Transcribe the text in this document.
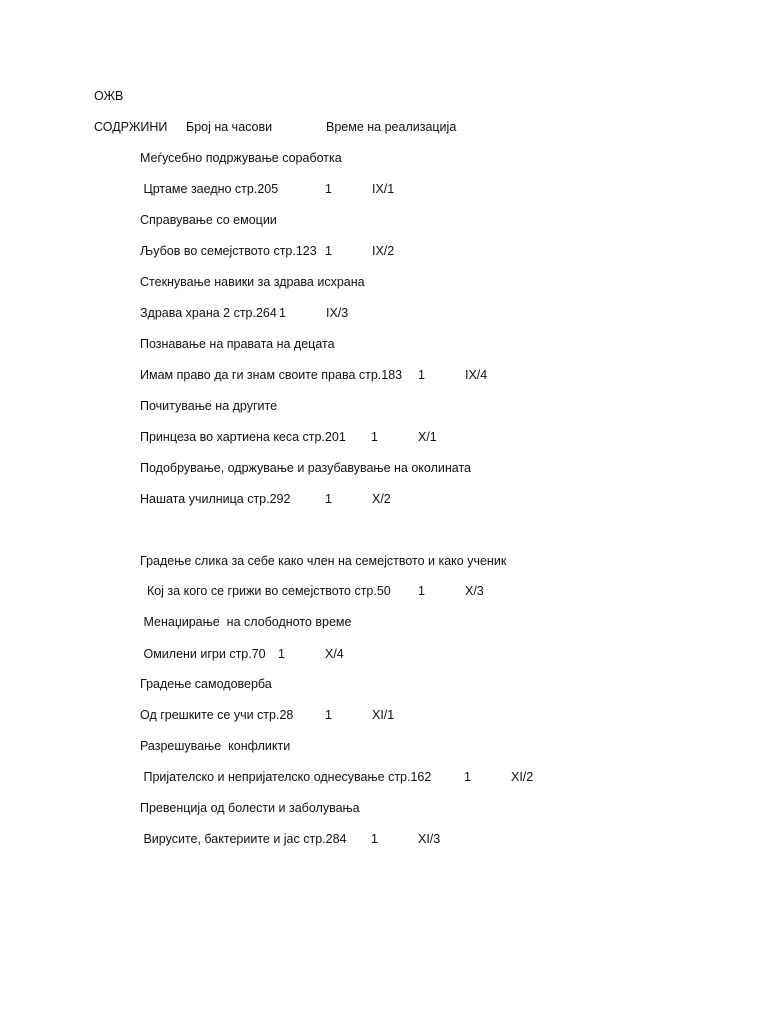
ОЖВ
СОДРЖИНИ Број на часови	Време на реализација
Меѓусебно подржување соработка
Цртаме заедно стр.205	1	IX/1
Справување со емоции
Љубов во семејството стр.123 1	IX/2
Стекнување навики за здрава исхрана
Здрава храна 2 стр.264 1	IX/3
Познавање на правата на децата
Имам право да ги знам своите права стр.183 1	IX/4
Почитување на другите
Принцеза во хартиена кеса стр.201 1	X/1
Подобрување, одржување и разубавување на околината
Нашата училница стр.292	1	X/2
Градење слика за себе како член на семејството и како ученик
Кој за кого се грижи во семејството стр.50 1	X/3
Менаџирање  на слободното време
Омилени игри стр.70 1	X/4
Градење самодоверба
Од грешките се учи стр.28	1	XI/1
Разрешување  конфликти
Пријателско и непријателско однесување стр.162	1	XI/2
Превенција од болести и заболувања
Вирусите, бактериите и јас стр.284 1	XI/3
